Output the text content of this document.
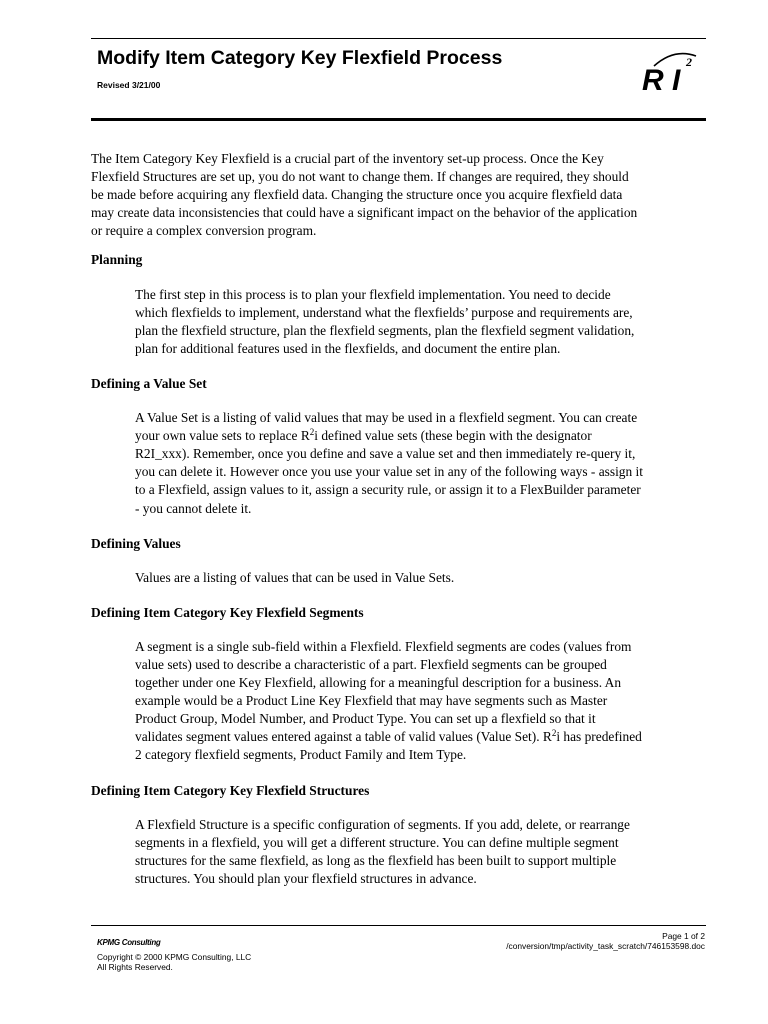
Modify Item Category Key Flexfield Process
Revised 3/21/00
2
R I

The Item Category Key Flexfield is a crucial part of the inventory set-up process. Once the Key
Flexfield Structures are set up, you do not want to change them. If changes are required, they should
be made before acquiring any flexfield data. Changing the structure once you acquire flexfield data
may create data inconsistencies that could have a significant impact on the behavior of the application
or require a complex conversion program.

Planning

The first step in this process is to plan your flexfield implementation. You need to decide
which flexfields to implement, understand what the flexfields’ purpose and requirements are,
plan the flexfield structure, plan the flexfield segments, plan the flexfield segment validation,
plan for additional features used in the flexfields, and document the entire plan.

Defining a Value Set

A Value Set is a listing of valid values that may be used in a flexfield segment. You can create
your own value sets to replace $R^2i$ defined value sets (these begin with the designator
R2I_xxx). Remember, once you define and save a value set and then immediately re-query it,
you can delete it. However once you use your value set in any of the following ways - assign it
to a Flexfield, assign values to it, assign a security rule, or assign it to a FlexBuilder parameter
- you cannot delete it.

Defining Values

Values are a listing of values that can be used in Value Sets.

Defining Item Category Key Flexfield Segments

A segment is a single sub-field within a Flexfield. Flexfield segments are codes (values from
value sets) used to describe a characteristic of a part. Flexfield segments can be grouped
together under one Key Flexfield, allowing for a meaningful description for a business. An
example would be a Product Line Key Flexfield that may have segments such as Master
Product Group, Model Number, and Product Type. You can set up a flexfield so that it
validates segment values entered against a table of valid values (Value Set). $R^2i$ has predefined
2 category flexfield segments, Product Family and Item Type.

Defining Item Category Key Flexfield Structures

A Flexfield Structure is a specific configuration of segments. If you add, delete, or rearrange
segments in a flexfield, you will get a different structure. You can define multiple segment
structures for the same flexfield, as long as the flexfield has been built to support multiple
structures. You should plan your flexfield structures in advance.

KPMG Consulting
Copyright © 2000 KPMG Consulting, LLC
All Rights Reserved.
Page 1 of 2
/conversion/tmp/activity_task_scratch/746153598.doc
